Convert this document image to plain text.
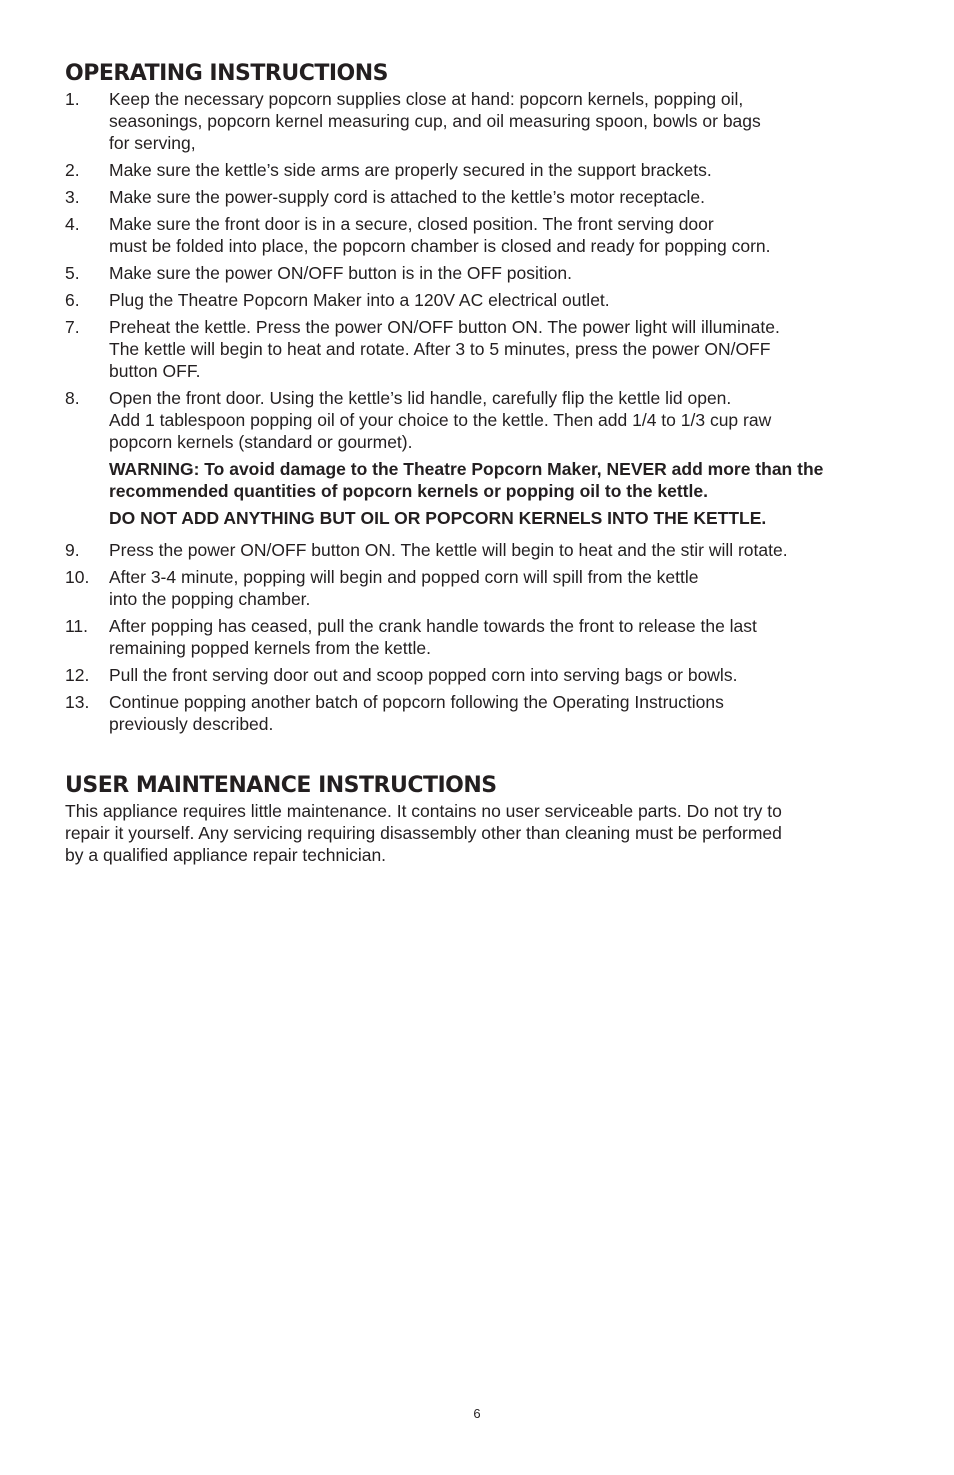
OPERATING INSTRUCTIONS
1.	Keep the necessary popcorn supplies close at hand: popcorn kernels, popping oil,
seasonings, popcorn kernel measuring cup, and oil measuring spoon, bowls or bags
for serving,
2.	Make sure the kettle’s side arms are properly secured in the support brackets.
3.	Make sure the power-supply cord is attached to the kettle’s motor receptacle.
4.	Make sure the front door is in a secure, closed position. The front serving door
must be folded into place, the popcorn chamber is closed and ready for popping corn.
5.	Make sure the power ON/OFF button is in the OFF position.
6.	Plug the Theatre Popcorn Maker into a 120V AC electrical outlet.
7.	Preheat the kettle. Press the power ON/OFF button ON. The power light will illuminate.
The kettle will begin to heat and rotate. After 3 to 5 minutes, press the power ON/OFF
button OFF.
8.	Open the front door. Using the kettle’s lid handle, carefully flip the kettle lid open.
Add 1 tablespoon popping oil of your choice to the kettle. Then add 1/4 to 1/3 cup raw
popcorn kernels (standard or gourmet).

WARNING: To avoid damage to the Theatre Popcorn Maker, NEVER add more than the recommended quantities of popcorn kernels or popping oil to the kettle.

DO NOT ADD ANYTHING BUT OIL OR POPCORN KERNELS INTO THE KETTLE.

9.	Press the power ON/OFF button ON. The kettle will begin to heat and the stir will rotate.
10.	After 3-4 minute, popping will begin and popped corn will spill from the kettle
into the popping chamber.
11.	After popping has ceased, pull the crank handle towards the front to release the last
remaining popped kernels from the kettle.
12.	Pull the front serving door out and scoop popped corn into serving bags or bowls.
13.	Continue popping another batch of popcorn following the Operating Instructions
previously described.
USER MAINTENANCE INSTRUCTIONS

This appliance requires little maintenance. It contains no user serviceable parts. Do not try to
repair it yourself. Any servicing requiring disassembly other than cleaning must be performed
by a qualified appliance repair technician.

6
